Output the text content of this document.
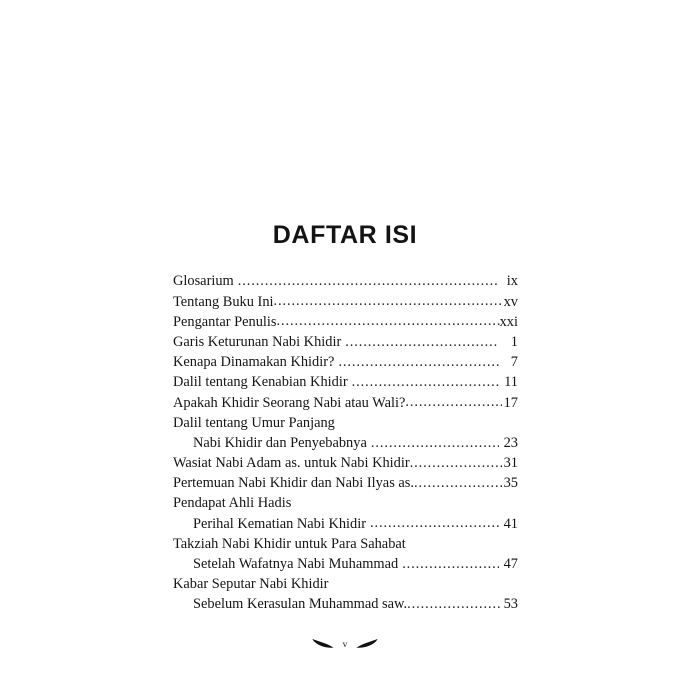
DAFTAR ISI
Glosarium .....	ix
Tentang Buku Ini .....	xv
Pengantar Penulis .....	xxi
Garis Keturunan Nabi Khidir .....	1
Kenapa Dinamakan Khidir? .....	7
Dalil tentang Kenabian Khidir .....	11
Apakah Khidir Seorang Nabi atau Wali? .....	17
Dalil tentang Umur Panjang
Nabi Khidir dan Penyebabnya .....	23
Wasiat Nabi Adam as. untuk Nabi Khidir .....	31
Pertemuan Nabi Khidir dan Nabi Ilyas as. .....	35
Pendapat Ahli Hadis
Perihal Kematian Nabi Khidir .....	41
Takziah Nabi Khidir untuk Para Sahabat
Setelah Wafatnya Nabi Muhammad .....	47
Kabar Seputar Nabi Khidir
Sebelum Kerasulan Muhammad saw. .....	53
v
